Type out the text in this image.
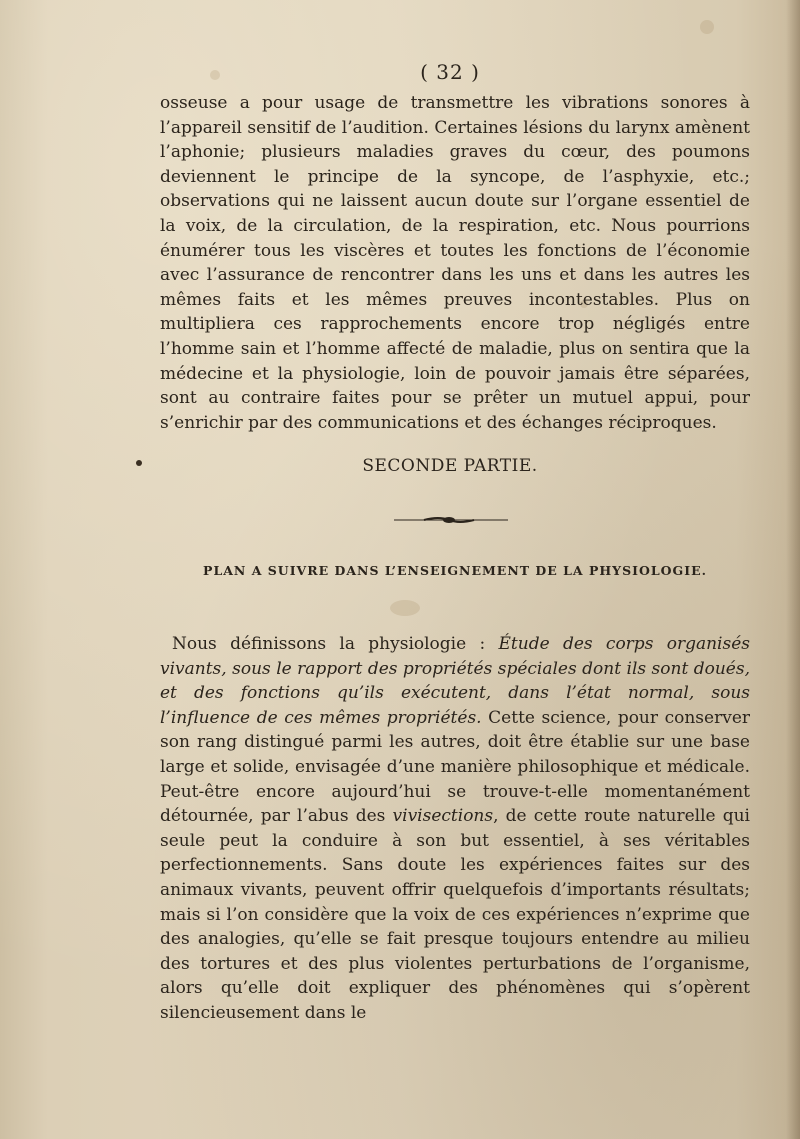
( 32 )

osseuse a pour usage de transmettre les vibrations sonores à l’appareil sensitif de l’audition. Certaines lésions du larynx amènent l’aphonie; plusieurs maladies graves du cœur, des poumons deviennent le principe de la syncope, de l’asphyxie, etc.; observations qui ne laissent aucun doute sur l’organe essentiel de la voix, de la circulation, de la respiration, etc. Nous pourrions énumérer tous les viscères et toutes les fonctions de l’économie avec l’assurance de rencontrer dans les uns et dans les autres les mêmes faits et les mêmes preuves incontestables. Plus on multipliera ces rapprochements encore trop négligés entre l’homme sain et l’homme affecté de maladie, plus on sentira que la médecine et la physiologie, loin de pouvoir jamais être séparées, sont au contraire faites pour se prêter un mutuel appui, pour s’enrichir par des communications et des échanges réciproques.

SECONDE PARTIE.
PLAN A SUIVRE DANS L’ENSEIGNEMENT DE LA PHYSIOLOGIE.

Nous définissons la physiologie : Étude des corps organisés vivants, sous le rapport des propriétés spéciales dont ils sont doués, et des fonctions qu’ils exécutent, dans l’état normal, sous l’influence de ces mêmes propriétés. Cette science, pour conserver son rang distingué parmi les autres, doit être établie sur une base large et solide, envisagée d’une manière philosophique et médicale. Peut-être encore aujourd’hui se trouve-t-elle momentanément détournée, par l’abus des vivisections, de cette route naturelle qui seule peut la conduire à son but essentiel, à ses véritables perfectionnements. Sans doute les expériences faites sur des animaux vivants, peuvent offrir quelquefois d’importants résultats; mais si l’on considère que la voix de ces expériences n’exprime que des analogies, qu’elle se fait presque toujours entendre au milieu des tortures et des plus violentes perturbations de l’organisme, alors qu’elle doit expliquer des phénomènes qui s’opèrent silencieusement dans le
